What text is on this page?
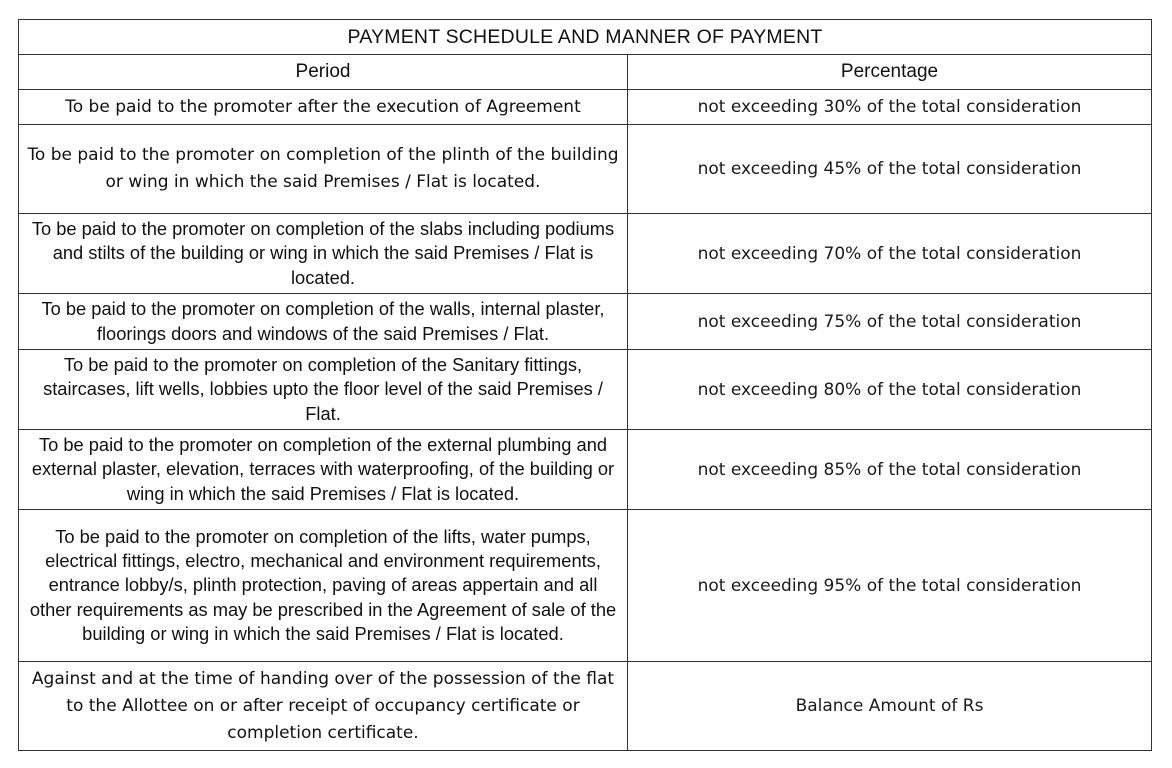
PAYMENT SCHEDULE AND MANNER OF PAYMENT	
Period	Percentage
To be paid to the promoter after the execution of Agreement	not exceeding 30% of the total consideration
To be paid to the promoter on completion of the plinth of the building or wing in which the said Premises / Flat is located.	not exceeding 45% of the total consideration
To be paid to the promoter on completion of the slabs including podiums and stilts of the building or wing in which the said Premises / Flat is located.	not exceeding 70% of the total consideration
To be paid to the promoter on completion of the walls, internal plaster, floorings doors and windows of the said Premises / Flat.	not exceeding 75% of the total consideration
To be paid to the promoter on completion of the Sanitary fittings, staircases, lift wells, lobbies upto the floor level of the said Premises / Flat.	not exceeding 80% of the total consideration
To be paid to the promoter on completion of the external plumbing and external plaster, elevation, terraces with waterproofing, of the building or wing in which the said Premises / Flat is located.	not exceeding 85% of the total consideration
To be paid to the promoter on completion of the lifts, water pumps, electrical fittings, electro, mechanical and environment requirements, entrance lobby/s, plinth protection, paving of areas appertain and all other requirements as may be prescribed in the Agreement of sale of the building or wing in which the said Premises / Flat is located.	not exceeding 95% of the total consideration
Against and at the time of handing over of the possession of the flat to the Allottee on or after receipt of occupancy certificate or completion certificate.	Balance Amount of Rs
